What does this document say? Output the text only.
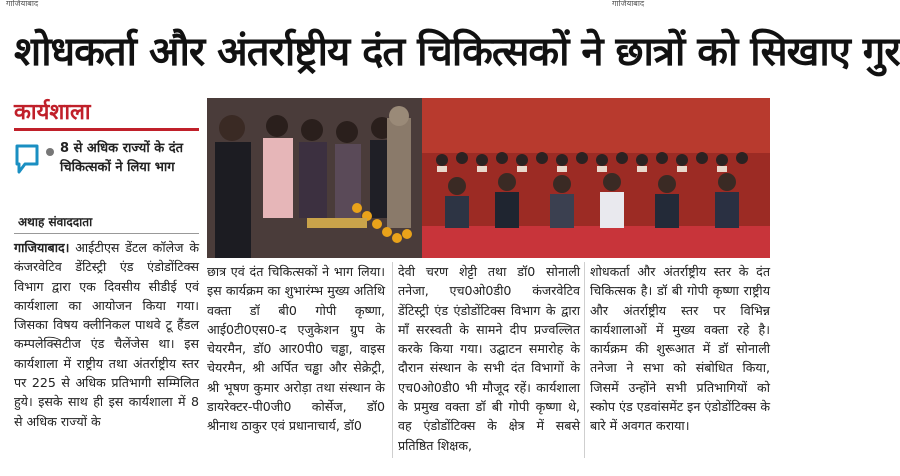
गाजियाबाद	गाजियाबाद
शोधकर्ता और अंतर्राष्ट्रीय दंत चिकित्सकों ने छात्रों को सिखाए गुर
कार्यशाला
8 से अधिक राज्यों के दंत चिकित्सकों ने लिया भाग
अथाह संवाददाता
गाजियाबाद। आईटीएस डेंटल कॉलेज के कंजरवेटिव डेंटिस्ट्री एंड एंडोडोंटिक्स विभाग द्वारा एक दिवसीय सीडीई एवं कार्यशाला का आयोजन किया गया। जिसका विषय क्लीनिकल पाथवे टू हैंडल कम्पलेक्सिटीज एंड चैलेंजेस था। इस कार्यशाला में राष्ट्रीय तथा अंतर्राष्ट्रीय स्तर पर 225 से अधिक प्रतिभागी सम्मिलित हुये। इसके साथ ही इस कार्यशाला में 8 से अधिक राज्यों के
छात्र एवं दंत चिकित्सकों ने भाग लिया। इस कार्यक्रम का शुभारंम्भ मुख्य अतिथि वक्ता डॉ बी0 गोपी कृष्णा, आई0टी0एस0-द एजुकेशन ग्रुप के चेयरमैन, डॉ0 आर0पी0 चड्ढा, वाइस चेयरमैन, श्री अर्पित चड्ढा और सेक्रेट्री, श्री भूषण कुमार अरोड़ा तथा संस्थान के डायरेक्टर-पी0जी0 कोर्सेज, डॉ0 श्रीनाथ ठाकुर एवं प्रधानाचार्य, डॉ0
देवी चरण शेट्टी तथा डॉ0 सोनाली तनेजा, एच0ओ0डी0 कंजरवेटिव डेंटिस्ट्री एंड एंडोडोंटिक्स विभाग के द्वारा माँ सरस्वती के सामने दीप प्रज्वल्लित करके किया गया। उद्घाटन समारोह के दौरान संस्थान के सभी दंत विभागों के एच0ओ0डी0 भी मौजूद रहें। कार्यशाला के प्रमुख वक्ता डॉ बी गोपी कृष्णा थे, वह एंडोडोंटिक्स के क्षेत्र में सबसे प्रतिष्ठित शिक्षक,
शोधकर्ता और अंतर्राष्ट्रीय स्तर के दंत चिकित्सक है। डॉ बी गोपी कृष्णा राष्ट्रीय और अंतर्राष्ट्रीय स्तर पर विभिन्न कार्यशालाओं में मुख्य वक्ता रहे है। कार्यक्रम की शुरूआत में डॉ सोनाली तनेजा ने सभा को संबोधित किया, जिसमें उन्होंने सभी प्रतिभागियों को स्कोप एंड एडवांसमेंट इन एंडोडोंटिक्स के बारे में अवगत कराया।
